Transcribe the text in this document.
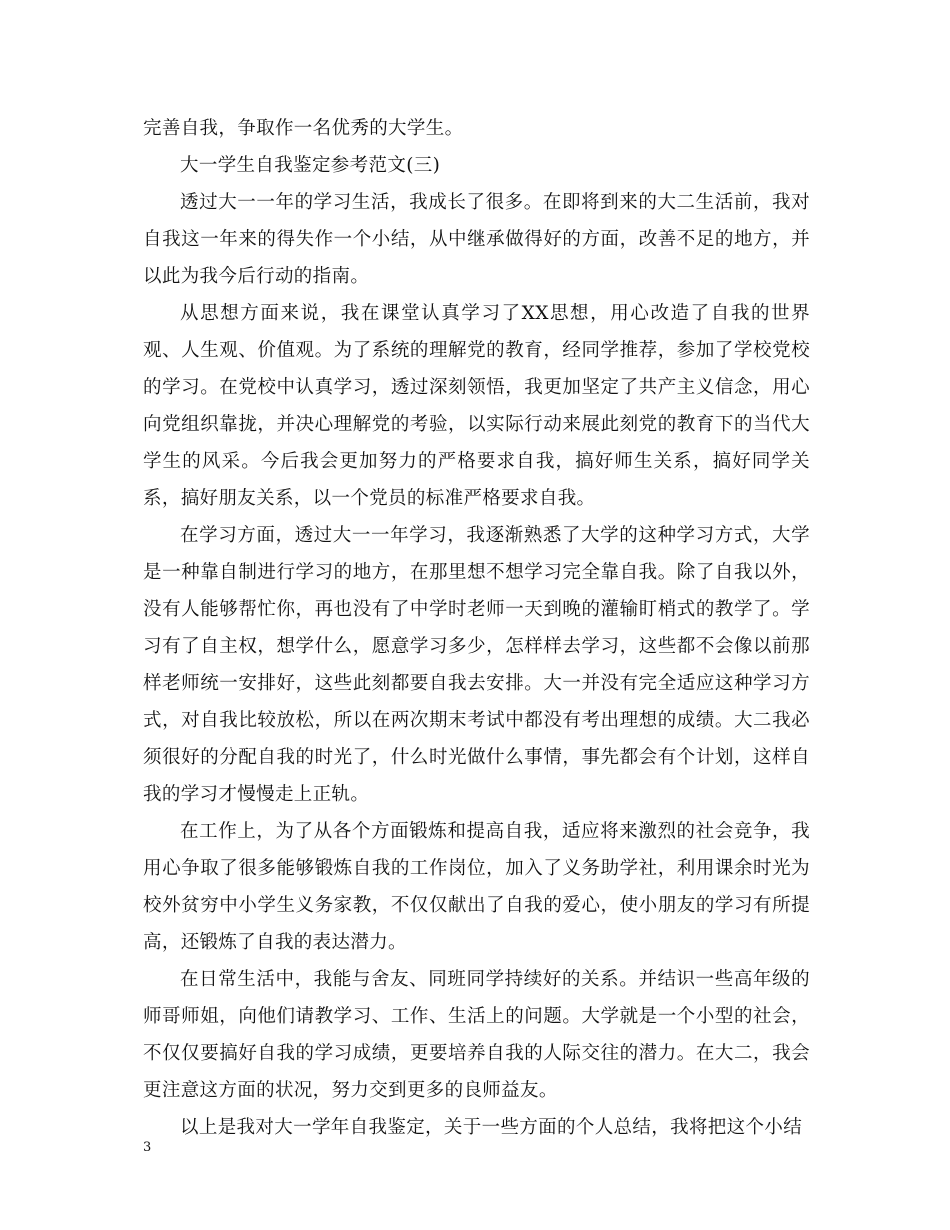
完善自我，争取作一名优秀的大学生。

大一学生自我鉴定参考范文(三)

透过大一一年的学习生活，我成长了很多。在即将到来的大二生活前，我对自我这一年来的得失作一个小结，从中继承做得好的方面，改善不足的地方，并以此为我今后行动的指南。

从思想方面来说，我在课堂认真学习了XX思想，用心改造了自我的世界观、人生观、价值观。为了系统的理解党的教育，经同学推荐，参加了学校党校的学习。在党校中认真学习，透过深刻领悟，我更加坚定了共产主义信念，用心向党组织靠拢，并决心理解党的考验，以实际行动来展此刻党的教育下的当代大学生的风采。今后我会更加努力的严格要求自我，搞好师生关系，搞好同学关系，搞好朋友关系，以一个党员的标准严格要求自我。

在学习方面，透过大一一年学习，我逐渐熟悉了大学的这种学习方式，大学是一种靠自制进行学习的地方，在那里想不想学习完全靠自我。除了自我以外，没有人能够帮忙你，再也没有了中学时老师一天到晚的灌输盯梢式的教学了。学习有了自主权，想学什么，愿意学习多少，怎样样去学习，这些都不会像以前那样老师统一安排好，这些此刻都要自我去安排。大一并没有完全适应这种学习方式，对自我比较放松，所以在两次期末考试中都没有考出理想的成绩。大二我必须很好的分配自我的时光了，什么时光做什么事情，事先都会有个计划，这样自我的学习才慢慢走上正轨。

在工作上，为了从各个方面锻炼和提高自我，适应将来激烈的社会竞争，我用心争取了很多能够锻炼自我的工作岗位，加入了义务助学社，利用课余时光为校外贫穷中小学生义务家教，不仅仅献出了自我的爱心，使小朋友的学习有所提高，还锻炼了自我的表达潜力。

在日常生活中，我能与舍友、同班同学持续好的关系。并结识一些高年级的师哥师姐，向他们请教学习、工作、生活上的问题。大学就是一个小型的社会，不仅仅要搞好自我的学习成绩，更要培养自我的人际交往的潜力。在大二，我会更注意这方面的状况，努力交到更多的良师益友。

以上是我对大一学年自我鉴定，关于一些方面的个人总结，我将把这个小结

3
